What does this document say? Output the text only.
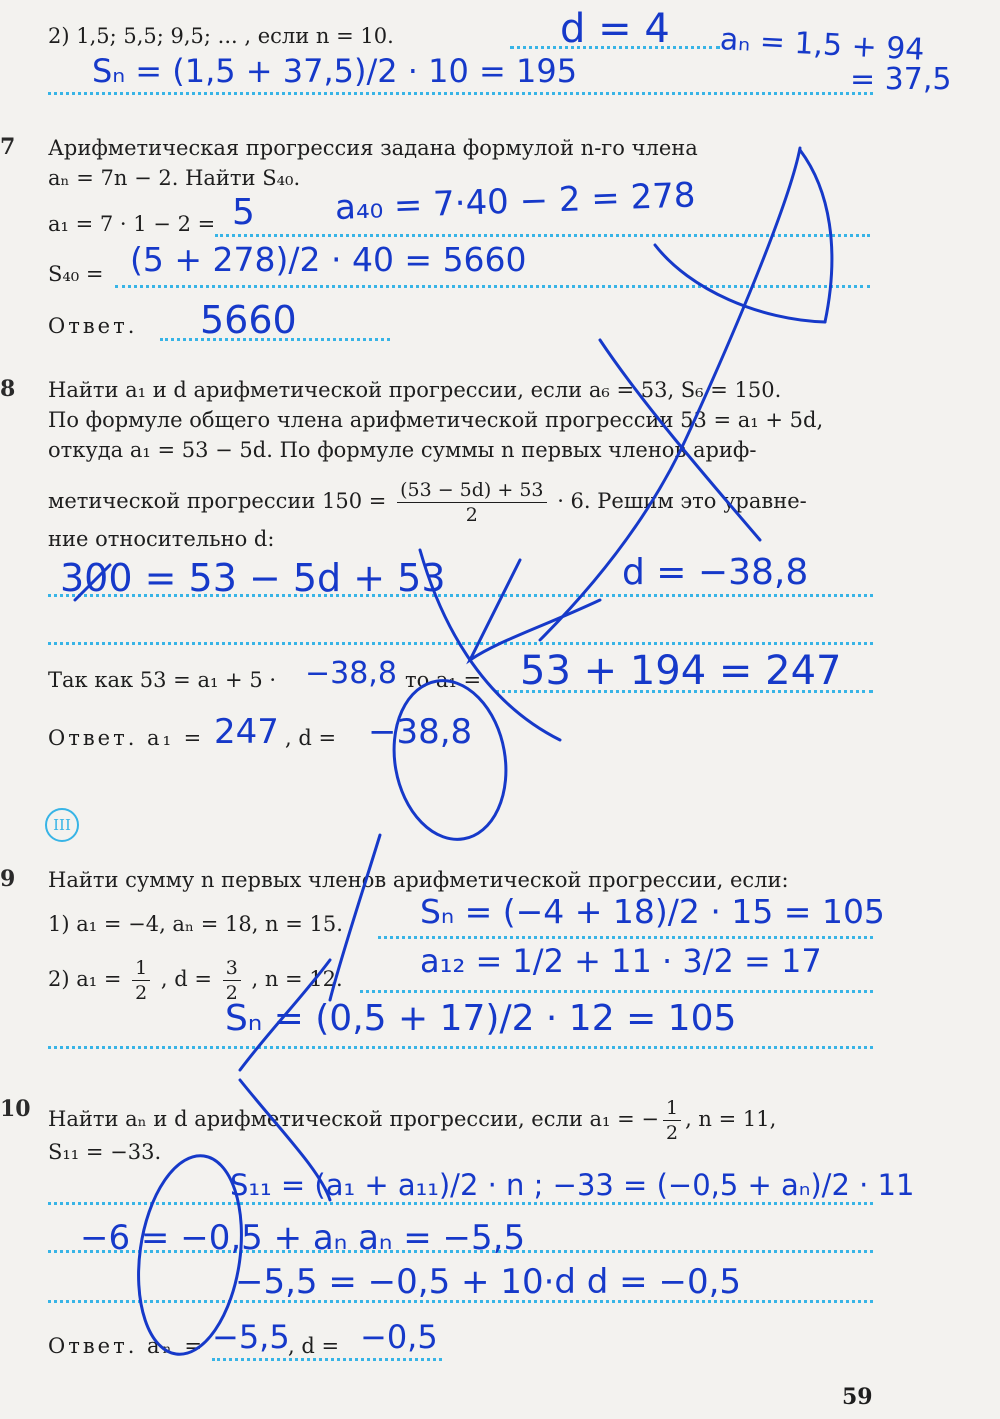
2) 1,5; 5,5; 9,5; ... , если n = 10.	d = 4 aₙ = 1,5 + 94
= 37,5
Sₙ = (1,5 + 37,5)/2 · 10 = 195
7 Арифметическая прогрессия задана формулой n-го члена
aₙ = 7n − 2. Найти S₄₀.
a₁ = 7 · 1 − 2 = 5 a₄₀ = 7·40 − 2 = 278
S₄₀ = (5 + 278)/2 · 40 = 5660
Ответ. 5660
8 Найти a₁ и d арифметической прогрессии, если a₆ = 53, S₆ = 150.
По формуле общего члена арифметической прогрессии 53 = a₁ + 5d,
откуда a₁ = 53 − 5d. По формуле суммы n первых членов ариф-
метической прогрессии $150 = \frac{(53 - 5d) + 53}{2} \cdot 6$. Решим это уравне-
ние относительно d:
300 = 53 − 5d + 53	d = −38,8
Так как 53 = a₁ + 5 · −38,8 то a₁ = 53 + 194 = 247
Ответ. a₁ = 247 , d = −38,8
III
9 Найти сумму n первых членов арифметической прогрессии, если:
1) a₁ = −4, aₙ = 18, n = 15. Sₙ = (−4 + 18)/2 · 15 = 105
2) $a_1 = \frac{1}{2}$ , $d = \frac{3}{2}$ , n = 12. a₁₂ = 1/2 + 11 · 3/2 = 17
Sₙ = (0,5 + 17)/2 · 12 = 105
10 Найти aₙ и d арифметической прогрессии, если a₁ = − $\frac{1}{2}$ , n = 11,
S₁₁ = −33.
S₁₁ = (a₁ + a₁₁)/2 · n ; −33 = (−0,5 + aₙ)/2 · 11
−6 = −0,5 + aₙ aₙ = −5,5
−5,5 = −0,5 + 10·d d = −0,5
Ответ. aₙ = −5,5
, d = −0,5
59
